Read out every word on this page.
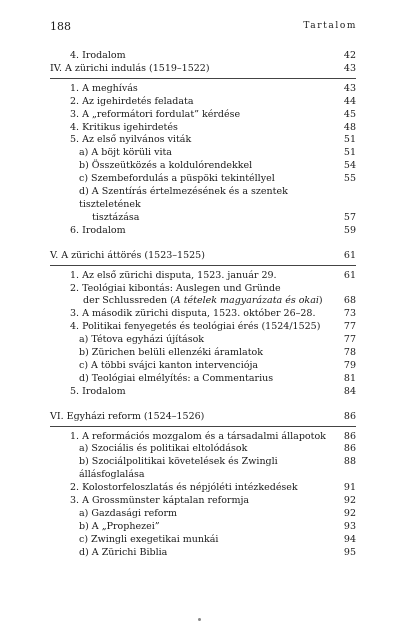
188	Tartalom
4. Irodalom	42
IV. A zürichi indulás (1519–1522)	43
1. A meghívás	43
2. Az igehirdetés feladata	44
3. A „reformátori fordulat” kérdése	45
4. Kritikus igehirdetés	48
5. Az első nyilvános viták	51
a) A böjt körüli vita	51
b) Összeütközés a koldulórendekkel	54
c) Szembefordulás a püspöki tekintéllyel	55
d) A Szentírás értelmezésének és a szentek tiszteletének
tisztázása	57
6. Irodalom	59
V. A zürichi áttörés (1523–1525)	61
1. Az első zürichi disputa, 1523. január 29.	61
2. Teológiai kibontás: Auslegen und Gründe
der Schlussreden (A tételek magyarázata és okai)	68
3. A második zürichi disputa, 1523. október 26–28.	73
4. Politikai fenyegetés és teológiai érés (1524/1525)	77
a) Tétova egyházi újítások	77
b) Zürichen belüli ellenzéki áramlatok	78
c) A többi svájci kanton intervenciója	79
d) Teológiai elmélyítés: a Commentarius	81
5. Irodalom	84
VI. Egyházi reform (1524–1526)	86
1. A reformációs mozgalom és a társadalmi állapotok	86
a) Szociális és politikai eltolódások	86
b) Szociálpolitikai követelések és Zwingli állásfoglalása
88
2. Kolostorfeloszlatás és népjóléti intézkedések	91
3. A Grossmünster káptalan reformja	92
a) Gazdasági reform	92
b) A „Prophezei”	93
c) Zwingli exegetikai munkái	94
d) A Zürichi Biblia	95
